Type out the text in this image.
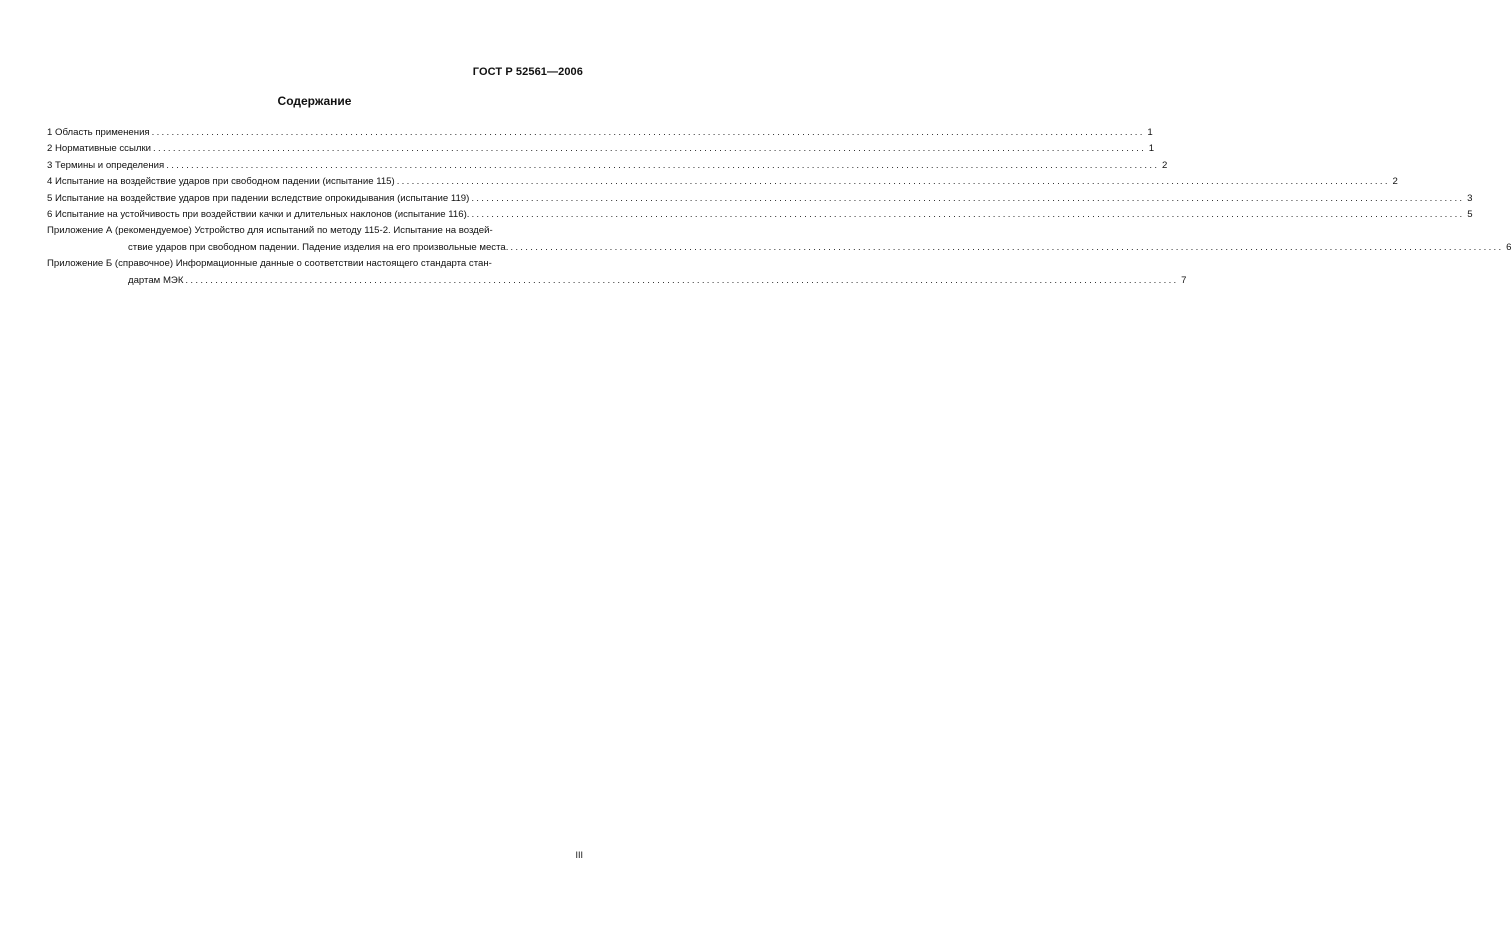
ГОСТ Р 52561—2006
Содержание
1 Область применения ........................................................................................................................................................................................................ 1
2 Нормативные ссылки ........................................................................................................................................................................................................ 1
3 Термины и определения ........................................................................................................................................................................................................ 2
4 Испытание на воздействие ударов при свободном падении (испытание 115) ........................................................................................................................................................................................................ 2
5 Испытание на воздействие ударов при падении вследствие опрокидывания (испытание 119) ........................................................................................................................................................................................................ 3
6 Испытание на устойчивость при воздействии качки и длительных наклонов (испытание 116). ........................................................................................................................................................................................................ 5
Приложение А (рекомендуемое) Устройство для испытаний по методу 115-2. Испытание на воздей-
ствие ударов при свободном падении. Падение изделия на его произвольные места. ........................................................................................................................................................................................................ 6
Приложение Б (справочное) Информационные данные о соответствии настоящего стандарта стан-
дартам МЭК ........................................................................................................................................................................................................ 7
III
